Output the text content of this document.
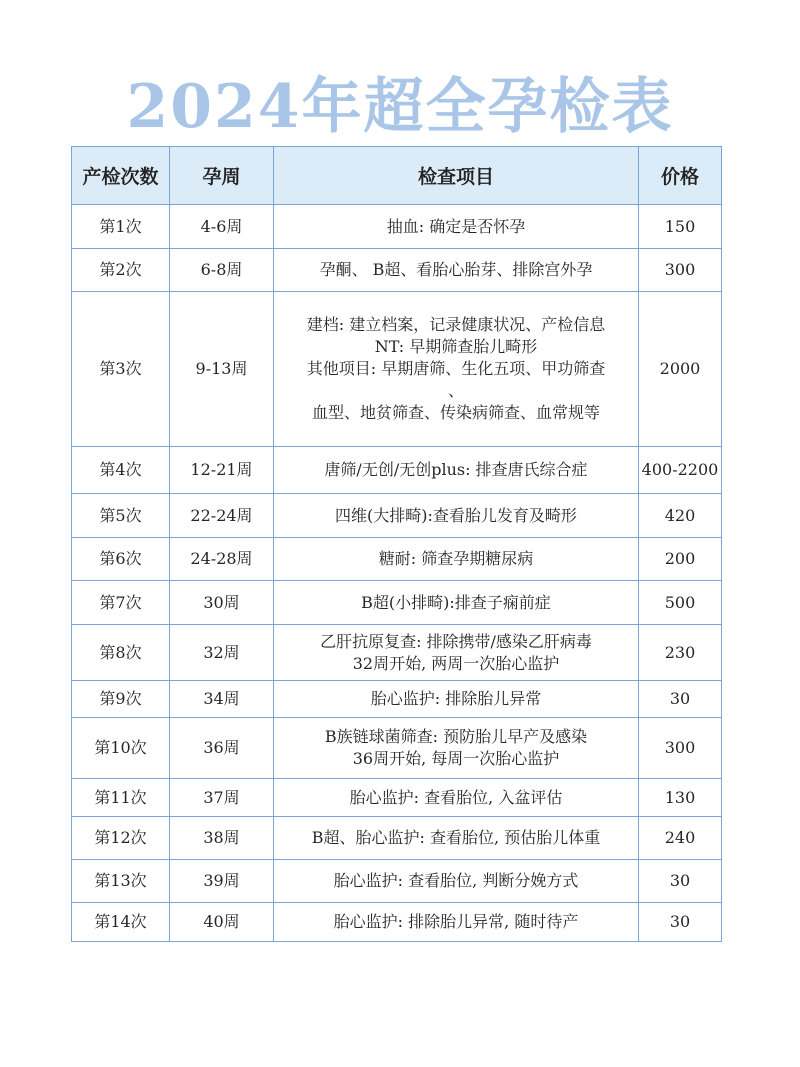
2024年超全孕检表
产检次数	孕周	检查项目	价格
第1次	4-6周	抽血: 确定是否怀孕	150
第2次	6-8周	孕酮、 B超、看胎心胎芽、排除宫外孕	300
第3次	9-13周	建档: 建立档案，记录健康状况、产检信息
NT: 早期筛查胎儿畸形
其他项目: 早期唐筛、生化五项、甲功筛查
、
血型、地贫筛查、传染病筛查、血常规等	2000
第4次	12-21周	唐筛/无创/无创plus: 排查唐氏综合症	400-2200
第5次	22-24周	四维(大排畸):查看胎儿发育及畸形	420
第6次	24-28周	糖耐: 筛查孕期糖尿病	200
第7次	30周	B超(小排畸):排查子痫前症	500
第8次	32周	乙肝抗原复查: 排除携带/感染乙肝病毒
32周开始, 两周一次胎心监护	230
第9次	34周	胎心监护: 排除胎儿异常	30
第10次	36周	B族链球菌筛查: 预防胎儿早产及感染
36周开始, 每周一次胎心监护	300
第11次	37周	胎心监护: 查看胎位, 入盆评估	130
第12次	38周	B超、胎心监护: 查看胎位, 预估胎儿体重	240
第13次	39周	胎心监护: 查看胎位, 判断分娩方式	30
第14次	40周	胎心监护: 排除胎儿异常, 随时待产	30
